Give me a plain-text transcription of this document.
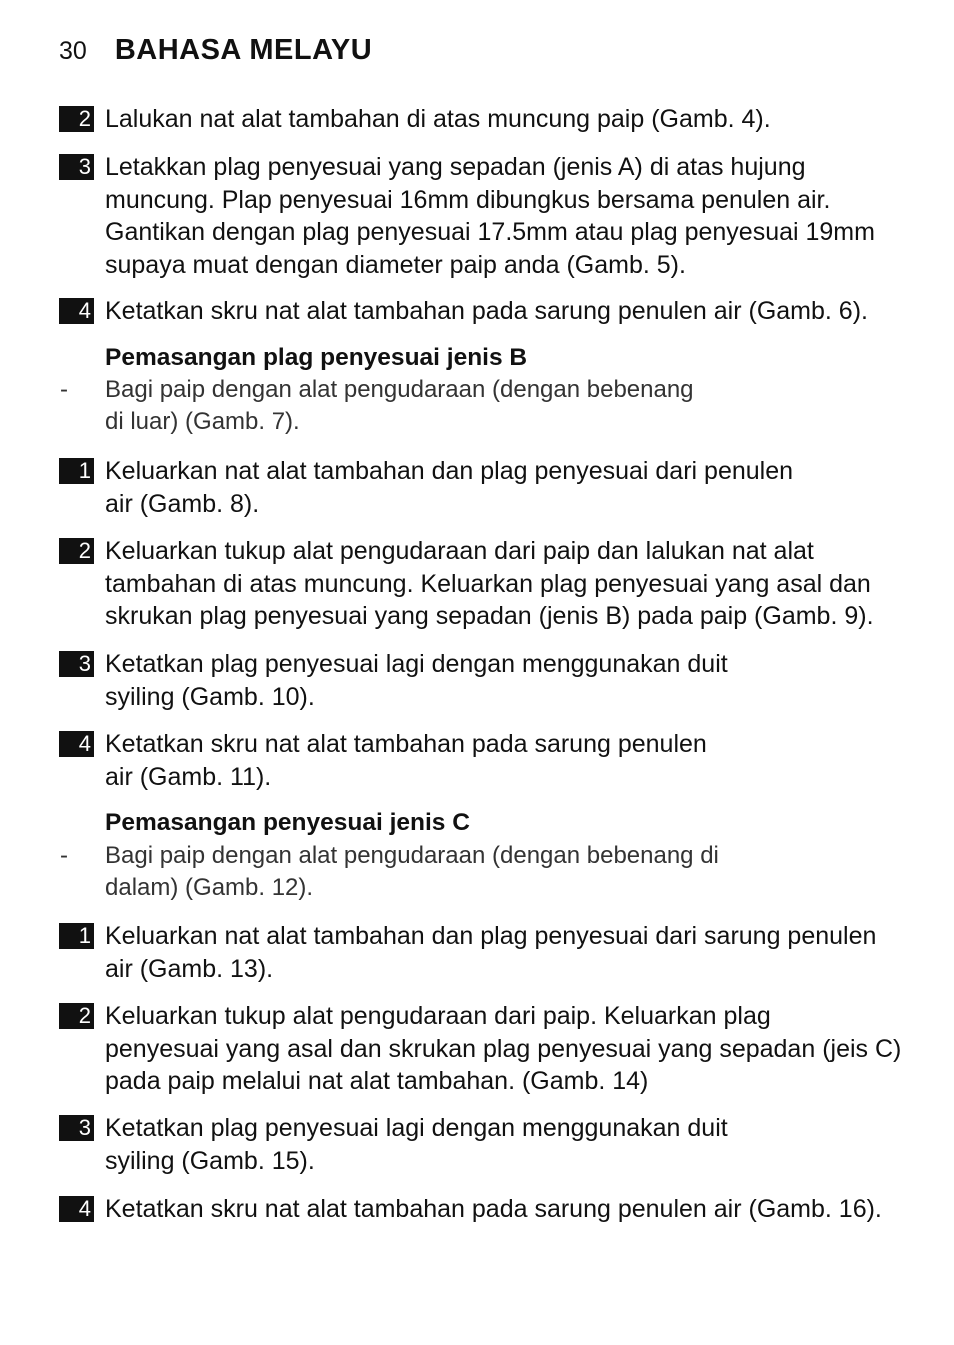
30 BAHASA MELAYU
2 Lalukan nat alat tambahan di atas muncung paip (Gamb. 4).
3 Letakkan plag penyesuai yang sepadan (jenis A) di atas hujung
muncung. Plap penyesuai 16mm dibungkus bersama penulen air.
Gantikan dengan plag penyesuai 17.5mm atau plag penyesuai 19mm
supaya muat dengan diameter paip anda (Gamb. 5).
4 Ketatkan skru nat alat tambahan pada sarung penulen air (Gamb. 6).
Pemasangan plag penyesuai jenis B
-	Bagi paip dengan alat pengudaraan (dengan bebenang
di luar) (Gamb. 7).
1 Keluarkan nat alat tambahan dan plag penyesuai dari penulen
air (Gamb. 8).
2 Keluarkan tukup alat pengudaraan dari paip dan lalukan nat alat
tambahan di atas muncung. Keluarkan plag penyesuai yang asal dan
skrukan plag penyesuai yang sepadan (jenis B) pada paip (Gamb. 9).
3 Ketatkan plag penyesuai lagi dengan menggunakan duit
syiling (Gamb. 10).
4 Ketatkan skru nat alat tambahan pada sarung penulen
air (Gamb. 11).
Pemasangan penyesuai jenis C
-	Bagi paip dengan alat pengudaraan (dengan bebenang di
dalam) (Gamb. 12).
1 Keluarkan nat alat tambahan dan plag penyesuai dari sarung penulen
air (Gamb. 13).
2 Keluarkan tukup alat pengudaraan dari paip. Keluarkan plag
penyesuai yang asal dan skrukan plag penyesuai yang sepadan (jeis C)
pada paip melalui nat alat tambahan. (Gamb. 14)
3 Ketatkan plag penyesuai lagi dengan menggunakan duit
syiling (Gamb. 15).
4 Ketatkan skru nat alat tambahan pada sarung penulen air (Gamb. 16).
